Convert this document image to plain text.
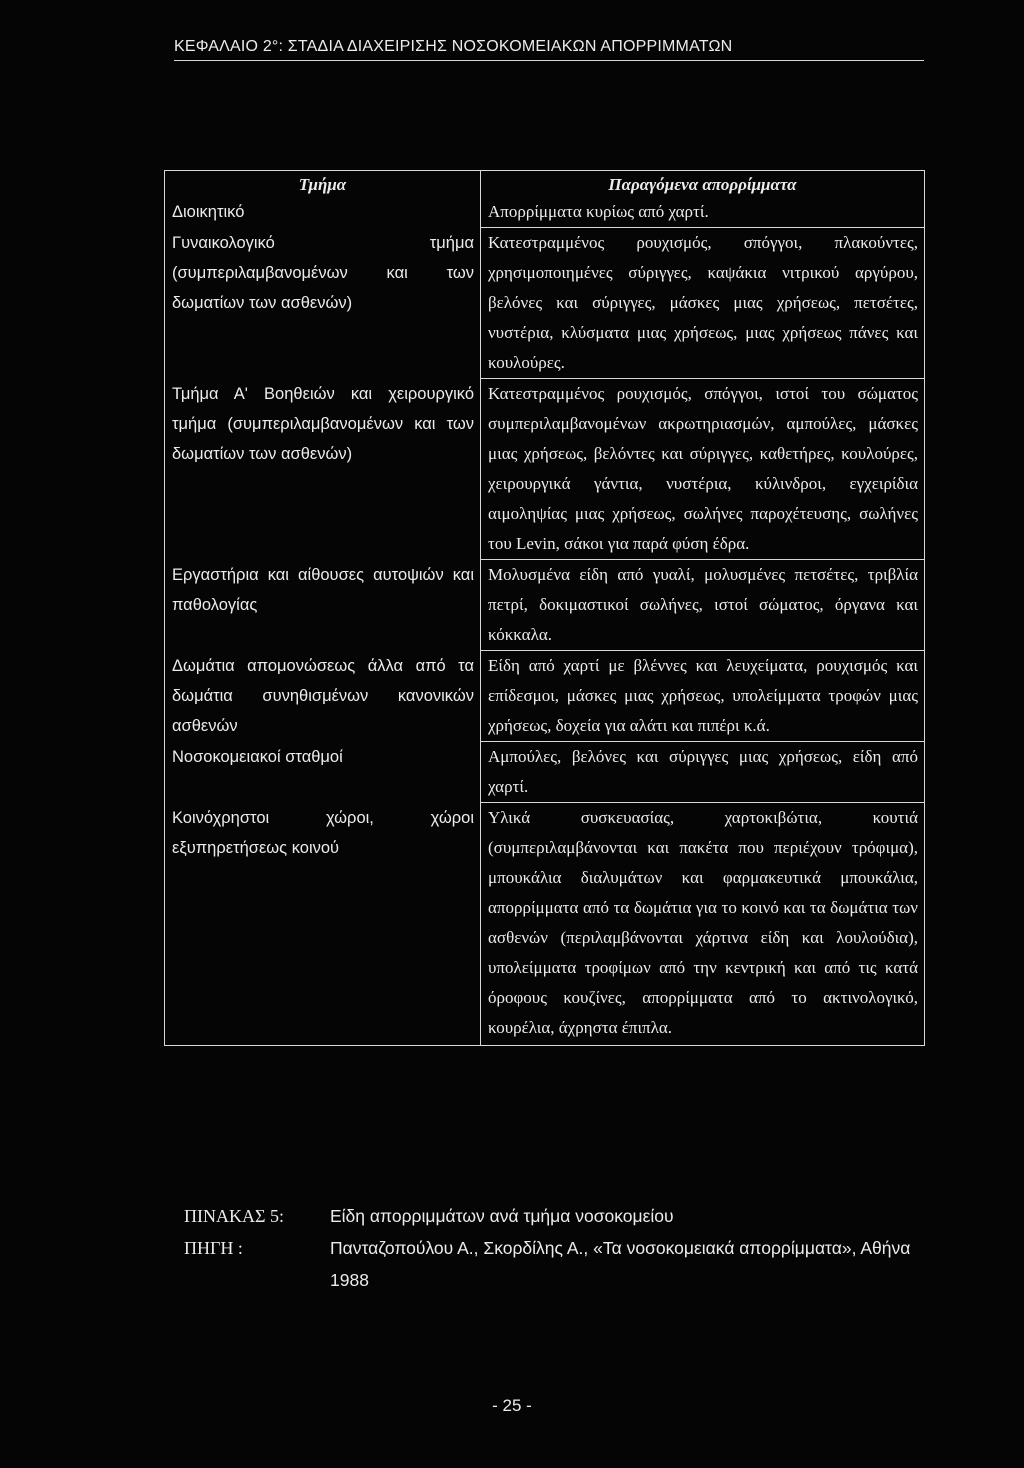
ΚΕΦΑΛΑΙΟ 2°: ΣΤΑΔΙΑ ΔΙΑΧΕΙΡΙΣΗΣ ΝΟΣΟΚΟΜΕΙΑΚΩΝ ΑΠΟΡΡΙΜΜΑΤΩΝ
Τμήμα	Παραγόμενα απορρίμματα
Διοικητικό	Απορρίμματα κυρίως από χαρτί.
Γυναικολογικό τμήμα (συμπεριλαμβανομένων και των δωματίων των ασθενών)	Κατεστραμμένος ρουχισμός, σπόγγοι, πλακούντες, χρησιμοποιημένες σύριγγες, καψάκια νιτρικού αργύρου, βελόνες και σύριγγες, μάσκες μιας χρήσεως, πετσέτες, νυστέρια, κλύσματα μιας χρήσεως, μιας χρήσεως πάνες και κουλούρες.
Τμήμα Α' Βοηθειών και χειρουργικό τμήμα (συμπεριλαμβανομένων και των δωματίων των ασθενών)	Κατεστραμμένος ρουχισμός, σπόγγοι, ιστοί του σώματος συμπεριλαμβανομένων ακρωτηριασμών, αμπούλες, μάσκες μιας χρήσεως, βελόντες και σύριγγες, καθετήρες, κουλούρες, χειρουργικά γάντια, νυστέρια, κύλινδροι, εγχειρίδια αιμοληψίας μιας χρήσεως, σωλήνες παροχέτευσης, σωλήνες του Levin, σάκοι για παρά φύση έδρα.
Εργαστήρια και αίθουσες αυτοψιών και παθολογίας	Μολυσμένα είδη από γυαλί, μολυσμένες πετσέτες, τριβλία πετρί, δοκιμαστικοί σωλήνες, ιστοί σώματος, όργανα και κόκκαλα.
Δωμάτια απομονώσεως άλλα από τα δωμάτια συνηθισμένων κανονικών ασθενών	Είδη από χαρτί με βλέννες και λευχείματα, ρουχισμός και επίδεσμοι, μάσκες μιας χρήσεως, υπολείμματα τροφών μιας χρήσεως, δοχεία για αλάτι και πιπέρι κ.ά.
Νοσοκομειακοί σταθμοί	Αμπούλες, βελόνες και σύριγγες μιας χρήσεως, είδη από χαρτί.
Κοινόχρηστοι χώροι, χώροι εξυπηρετήσεως κοινού	Υλικά συσκευασίας, χαρτοκιβώτια, κουτιά (συμπεριλαμβάνονται και πακέτα που περιέχουν τρόφιμα), μπουκάλια διαλυμάτων και φαρμακευτικά μπουκάλια, απορρίμματα από τα δωμάτια για το κοινό και τα δωμάτια των ασθενών (περιλαμβάνονται χάρτινα είδη και λουλούδια), υπολείμματα τροφίμων από την κεντρική και από τις κατά όροφους κουζίνες, απορρίμματα από το ακτινολογικό, κουρέλια, άχρηστα έπιπλα.
ΠΙΝΑΚΑΣ 5:	Είδη απορριμμάτων ανά τμήμα νοσοκομείου
ΠΗΓΗ :	Πανταζοπούλου Α., Σκορδίλης Α., «Τα νοσοκομειακά απορρίμματα», Αθήνα 1988
- 25 -
